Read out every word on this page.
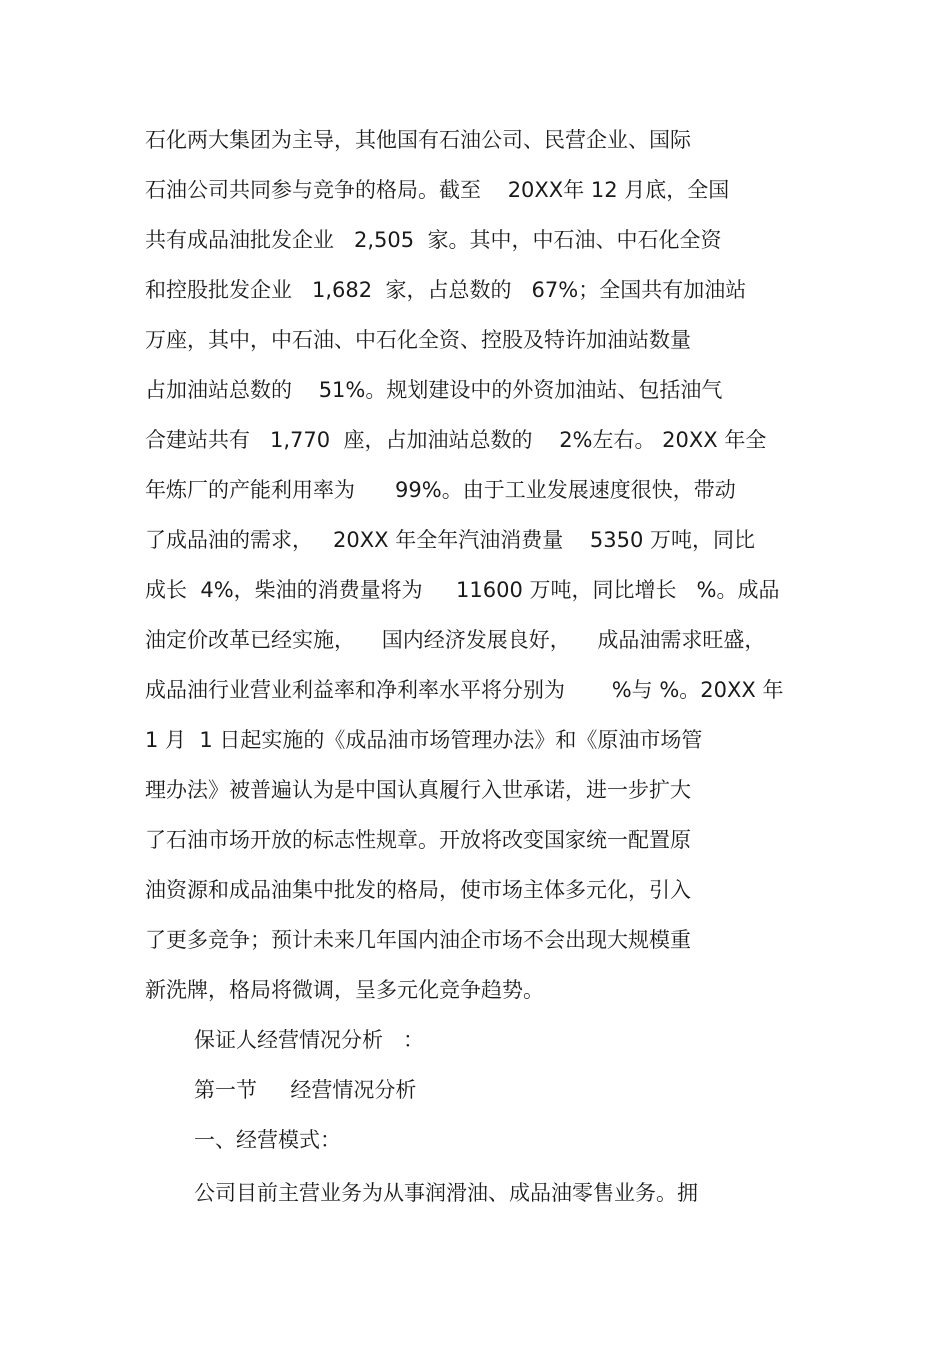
石化两大集团为主导，其他国有石油公司、民营企业、国际

石油公司共同参与竞争的格局。截至    20XX年 12 月底，全国

共有成品油批发企业   2,505  家。其中，中石油、中石化全资

和控股批发企业   1,682  家，占总数的   67%；全国共有加油站

万座，其中，中石油、中石化全资、控股及特许加油站数量

占加油站总数的    51%。规划建设中的外资加油站、包括油气

合建站共有   1,770  座，占加油站总数的    2%左右。 20XX 年全

年炼厂的产能利用率为      99%。由于工业发展速度很快，带动

了成品油的需求，   20XX 年全年汽油消费量    5350 万吨，同比

成长  4%，柴油的消费量将为     11600 万吨，同比增长   %。成品

油定价改革已经实施，    国内经济发展良好，    成品油需求旺盛，

成品油行业营业利益率和净利率水平将分别为       %与 %。20XX 年

1 月  1 日起实施的《成品油市场管理办法》和《原油市场管

理办法》被普遍认为是中国认真履行入世承诺，进一步扩大

了石油市场开放的标志性规章。开放将改变国家统一配置原

油资源和成品油集中批发的格局，使市场主体多元化，引入

了更多竞争；预计未来几年国内油企市场不会出现大规模重

新洗牌，格局将微调，呈多元化竞争趋势。

保证人经营情况分析   ：

第一节     经营情况分析

一、经营模式：

公司目前主营业务为从事润滑油、成品油零售业务。拥
